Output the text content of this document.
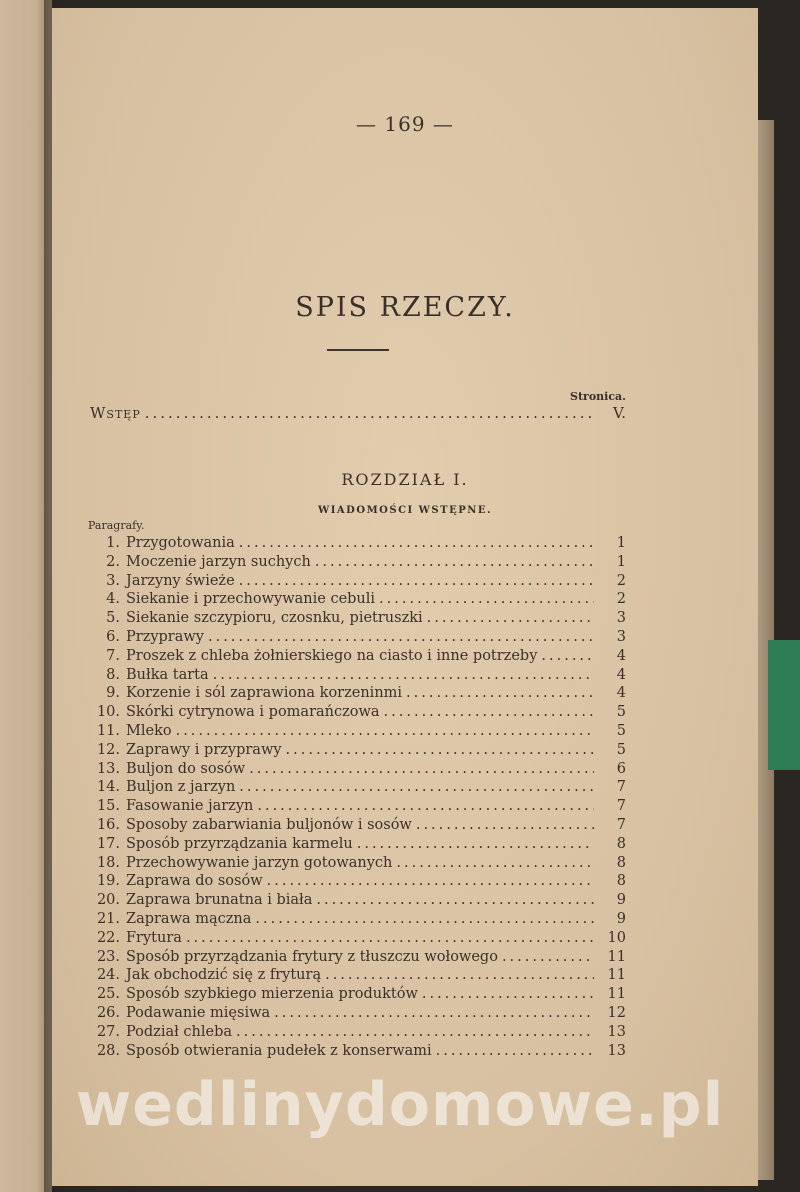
— 169 —
SPIS RZECZY.
Stronica.
Wstęp .....	V.
ROZDZIAŁ I.
WIADOMOŚCI WSTĘPNE.
Paragrafy.
1. Przygotowania .....	1
2. Moczenie jarzyn suchych .....	1
3. Jarzyny świeże .....	2
4. Siekanie i przechowywanie cebuli .....	2
5. Siekanie szczypioru, czosnku, pietruszki .....	3
6. Przyprawy .....	3
7. Proszek z chleba żołnierskiego na ciasto i inne potrzeby .....	4
8. Bułka tarta .....	4
9. Korzenie i sól zaprawiona korzeninmi .....	4
10. Skórki cytrynowa i pomarańczowa .....	5
11. Mleko .....	5
12. Zaprawy i przyprawy .....	5
13. Buljon do sosów .....	6
14. Buljon z jarzyn .....	7
15. Fasowanie jarzyn .....	7
16. Sposoby zabarwiania buljonów i sosów .....	7
17. Sposób przyrządzania karmelu .....	8
18. Przechowywanie jarzyn gotowanych .....	8
19. Zaprawa do sosów .....	8
20. Zaprawa brunatna i biała .....	9
21. Zaprawa mączna .....	9
22. Frytura .....	10
23. Sposób przyrządzania frytury z tłuszczu wołowego .....	11
24. Jak obchodzić się z fryturą .....	11
25. Sposób szybkiego mierzenia produktów .....	11
26. Podawanie mięsiwa .....	12
27. Podział chleba .....	13
28. Sposób otwierania pudełek z konserwami .....	13
wedlinydomowe.pl
